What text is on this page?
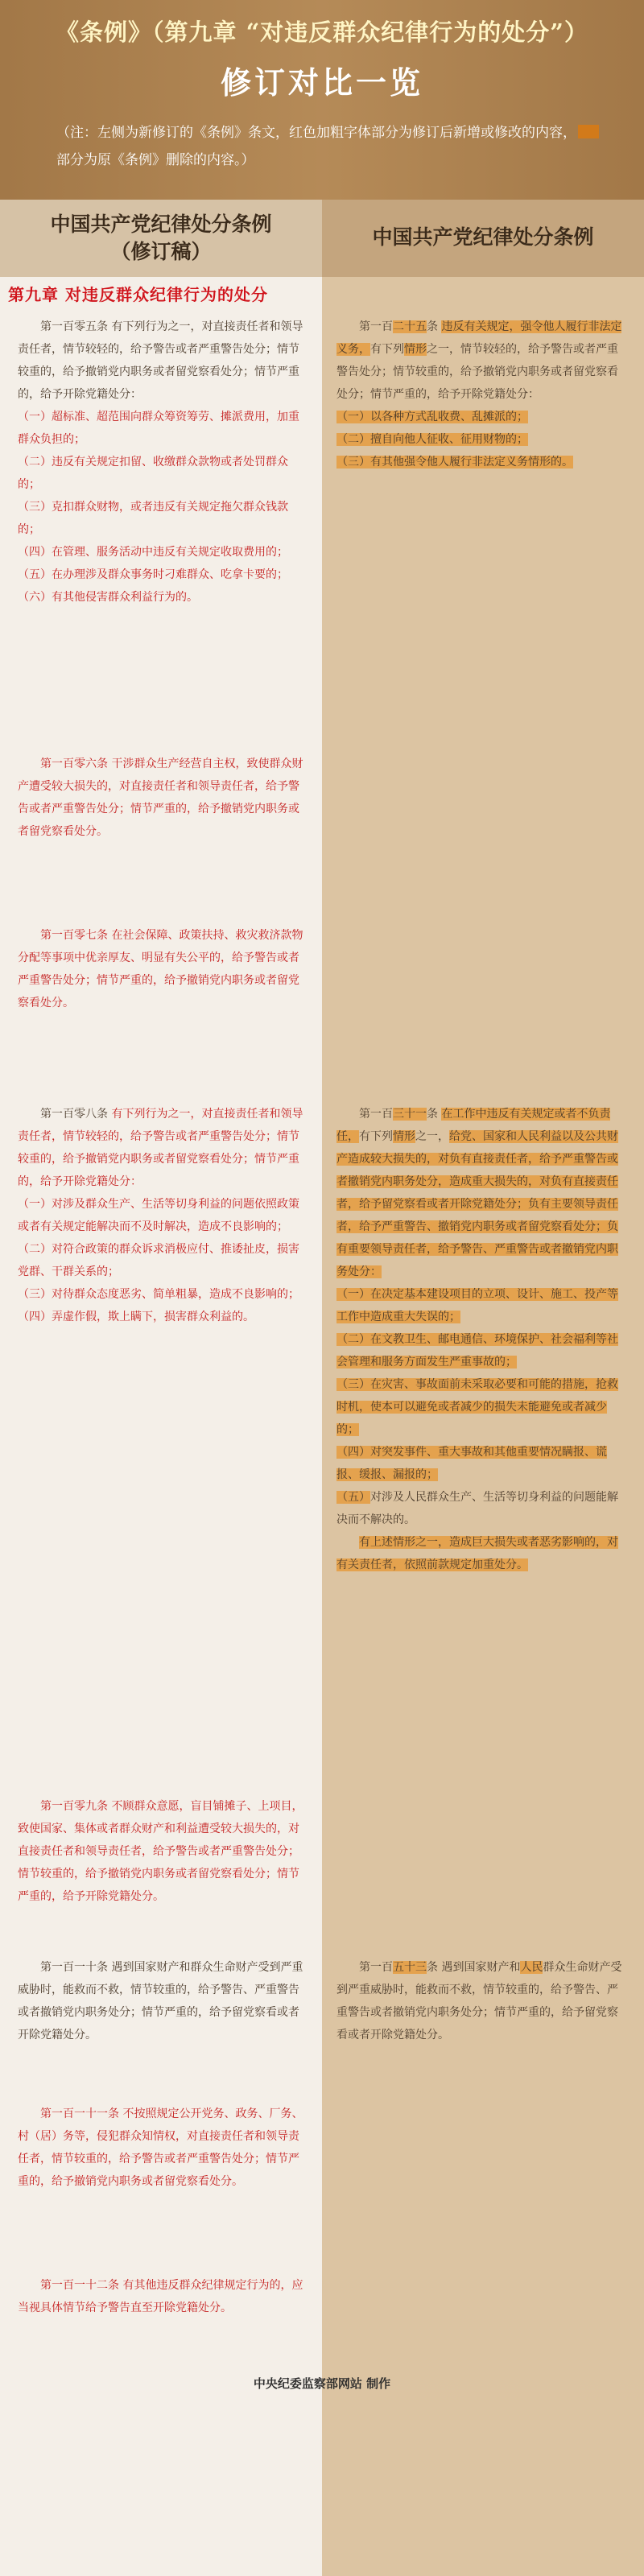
《条例》（第九章 “对违反群众纪律行为的处分”）
修订对比一览
（注：左侧为新修订的《条例》条文，红色加粗字体部分为修订后新增或修改的内容，部分为原《条例》删除的内容。）
中国共产党纪律处分条例
（修订稿）
中国共产党纪律处分条例
第九章 对违反群众纪律行为的处分
第一百零五条 有下列行为之一，对直接责任者和领导责任者，情节较轻的，给予警告或者严重警告处分；情节较重的，给予撤销党内职务或者留党察看处分；情节严重的，给予开除党籍处分：
（一）超标准、超范围向群众筹资筹劳、摊派费用，加重群众负担的；
（二）违反有关规定扣留、收缴群众款物或者处罚群众的；
（三）克扣群众财物，或者违反有关规定拖欠群众钱款的；
（四）在管理、服务活动中违反有关规定收取费用的；
（五）在办理涉及群众事务时刁难群众、吃拿卡要的；
（六）有其他侵害群众利益行为的。
第一百零六条 干涉群众生产经营自主权，致使群众财产遭受较大损失的，对直接责任者和领导责任者，给予警告或者严重警告处分；情节严重的，给予撤销党内职务或者留党察看处分。
第一百零七条 在社会保障、政策扶持、救灾救济款物分配等事项中优亲厚友、明显有失公平的，给予警告或者严重警告处分；情节严重的，给予撤销党内职务或者留党察看处分。
第一百零八条 有下列行为之一，对直接责任者和领导责任者，情节较轻的，给予警告或者严重警告处分；情节较重的，给予撤销党内职务或者留党察看处分；情节严重的，给予开除党籍处分：
（一）对涉及群众生产、生活等切身利益的问题依照政策或者有关规定能解决而不及时解决，造成不良影响的；
（二）对符合政策的群众诉求消极应付、推诿扯皮，损害党群、干群关系的；
（三）对待群众态度恶劣、简单粗暴，造成不良影响的；
（四）弄虚作假，欺上瞒下，损害群众利益的。
第一百零九条 不顾群众意愿，盲目铺摊子、上项目，致使国家、集体或者群众财产和利益遭受较大损失的，对直接责任者和领导责任者，给予警告或者严重警告处分；情节较重的，给予撤销党内职务或者留党察看处分；情节严重的，给予开除党籍处分。
第一百一十条 遇到国家财产和群众生命财产受到严重威胁时，能救而不救，情节较重的，给予警告、严重警告或者撤销党内职务处分；情节严重的，给予留党察看或者开除党籍处分。
第一百一十一条 不按照规定公开党务、政务、厂务、村（居）务等，侵犯群众知情权，对直接责任者和领导责任者，情节较重的，给予警告或者严重警告处分；情节严重的，给予撤销党内职务或者留党察看处分。
第一百一十二条 有其他违反群众纪律规定行为的，应当视具体情节给予警告直至开除党籍处分。
第一百二十五条 违反有关规定，强令他人履行非法定义务，有下列情形之一，情节较轻的，给予警告或者严重警告处分；情节较重的，给予撤销党内职务或者留党察看处分；情节严重的，给予开除党籍处分：
（一）以各种方式乱收费、乱摊派的；
（二）擅自向他人征收、征用财物的；
（三）有其他强令他人履行非法定义务情形的。
第一百三十一条 在工作中违反有关规定或者不负责任，有下列情形之一，给党、国家和人民利益以及公共财产造成较大损失的，对负有直接责任者，给予严重警告或者撤销党内职务处分，造成重大损失的，对负有直接责任者，给予留党察看或者开除党籍处分；负有主要领导责任者，给予严重警告、撤销党内职务或者留党察看处分；负有重要领导责任者，给予警告、严重警告或者撤销党内职务处分：
（一）在决定基本建设项目的立项、设计、施工、投产等工作中造成重大失误的；
（二）在文教卫生、邮电通信、环境保护、社会福利等社会管理和服务方面发生严重事故的；
（三）在灾害、事故面前未采取必要和可能的措施，抢救时机，使本可以避免或者减少的损失未能避免或者减少的；
（四）对突发事件、重大事故和其他重要情况瞒报、谎报、缓报、漏报的；
（五）对涉及人民群众生产、生活等切身利益的问题能解决而不解决的。
有上述情形之一，造成巨大损失或者恶劣影响的，对有关责任者，依照前款规定加重处分。
第一百五十三条 遇到国家财产和人民群众生命财产受到严重威胁时，能救而不救，情节较重的，给予警告、严重警告或者撤销党内职务处分；情节严重的，给予留党察看或者开除党籍处分。
中央纪委监察部网站 制作
